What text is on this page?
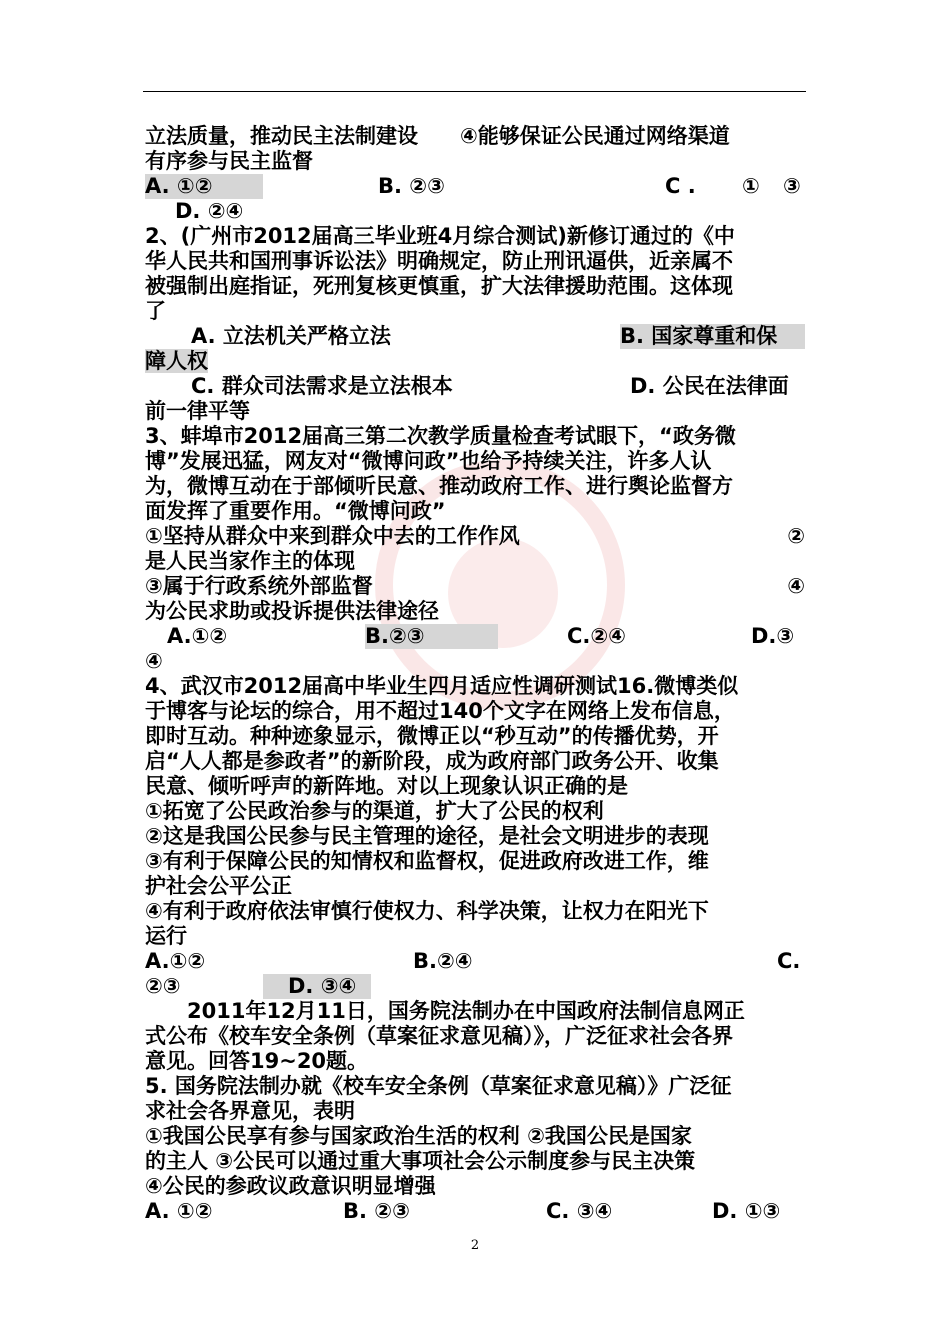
立法质量，推动民主法制建设　　④能够保证公民通过网络渠道
有序参与民主监督
A. ①②	B. ②③	C . ① ③
D. ②④
2、(广州市2012届高三毕业班4月综合测试)新修订通过的《中
华人民共和国刑事诉讼法》明确规定，防止刑讯逼供，近亲属不
被强制出庭指证，死刑复核更慎重，扩大法律援助范围。这体现
了
A. 立法机关严格立法	B. 国家尊重和保
障人权
C. 群众司法需求是立法根本	D. 公民在法律面
前一律平等
3、蚌埠市2012届高三第二次教学质量检查考试眼下，“政务微
博”发展迅猛，网友对“微博问政”也给予持续关注，许多人认
为，微博互动在于部倾听民意、推动政府工作、进行舆论监督方
面发挥了重要作用。“微博问政”
①坚持从群众中来到群众中去的工作作风	②
是人民当家作主的体现
③属于行政系统外部监督	④
为公民求助或投诉提供法律途径
A.①②	B.②③	C.②④	D.③
④
4、武汉市2012届高中毕业生四月适应性调研测试16.微博类似
于博客与论坛的综合，用不超过140个文字在网络上发布信息，
即时互动。种种迹象显示，微博正以“秒互动”的传播优势，开
启“人人都是参政者”的新阶段，成为政府部门政务公开、收集
民意、倾听呼声的新阵地。对以上现象认识正确的是
①拓宽了公民政治参与的渠道，扩大了公民的权利
②这是我国公民参与民主管理的途径，是社会文明进步的表现
③有利于保障公民的知情权和监督权，促进政府改进工作，维
护社会公平公正
④有利于政府依法审慎行使权力、科学决策，让权力在阳光下
运行
A.①②	B.②④	C.
②③	D. ③④
　　2011年12月11日，国务院法制办在中国政府法制信息网正
式公布《校车安全条例（草案征求意见稿）》，广泛征求社会各界
意见。回答19~20题。
5. 国务院法制办就《校车安全条例（草案征求意见稿）》广泛征
求社会各界意见，表明
①我国公民享有参与国家政治生活的权利 ②我国公民是国家
的主人 ③公民可以通过重大事项社会公示制度参与民主决策
④公民的参政议政意识明显增强
A. ①②	B. ②③	C. ③④	D. ①③
2
